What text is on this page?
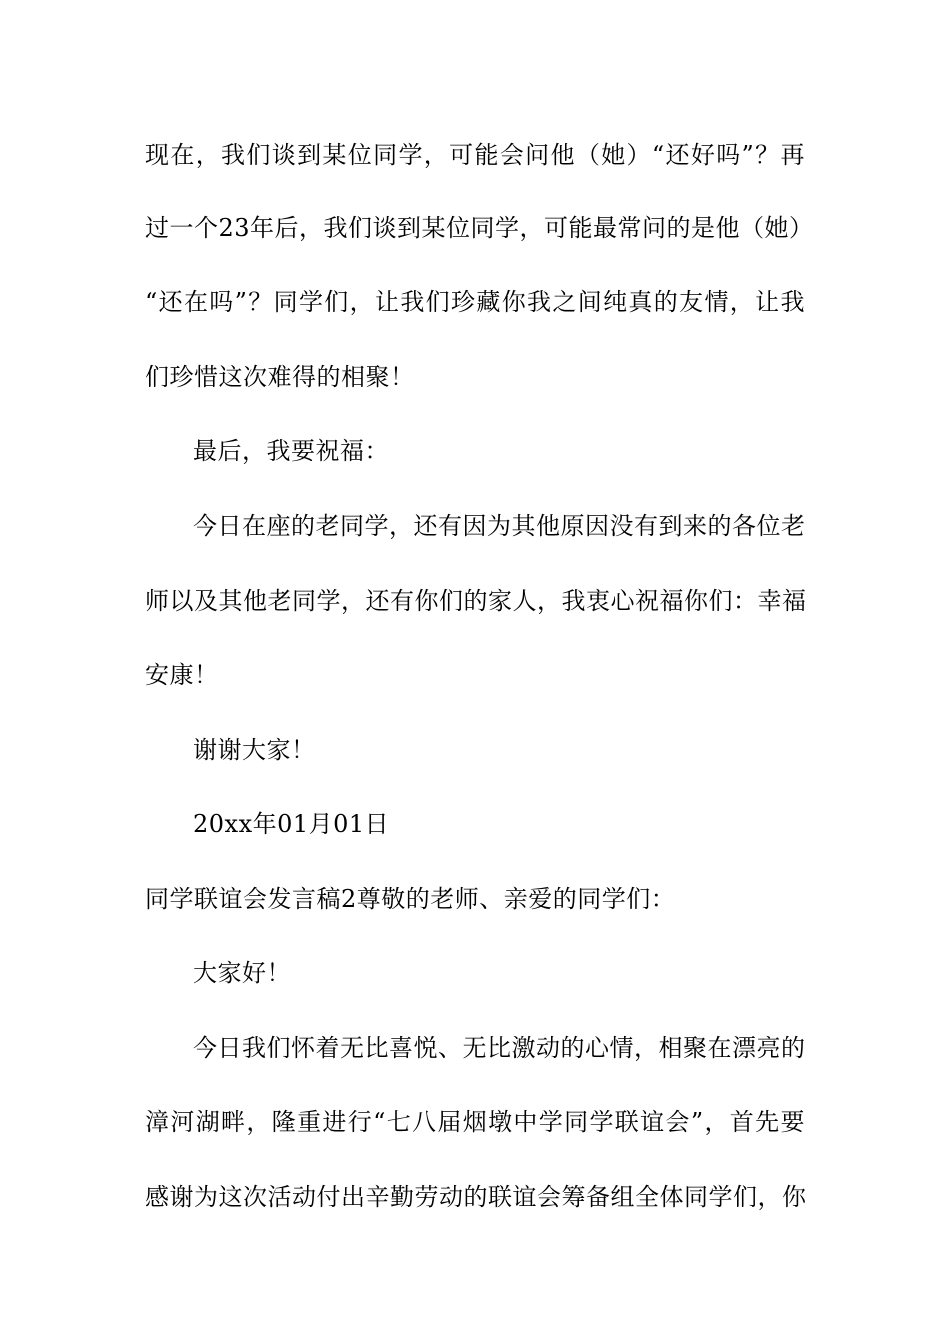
现在，我们谈到某位同学，可能会问他（她）“还好吗”？再
过一个23年后，我们谈到某位同学，可能最常问的是他（她）
“还在吗”？同学们，让我们珍藏你我之间纯真的友情，让我
们珍惜这次难得的相聚！
最后，我要祝福：
今日在座的老同学，还有因为其他原因没有到来的各位老
师以及其他老同学，还有你们的家人，我衷心祝福你们：幸福
安康！
谢谢大家！
20xx年01月01日
同学联谊会发言稿2尊敬的老师、亲爱的同学们：
大家好！
今日我们怀着无比喜悦、无比激动的心情，相聚在漂亮的
漳河湖畔，隆重进行“七八届烟墩中学同学联谊会”，首先要
感谢为这次活动付出辛勤劳动的联谊会筹备组全体同学们，你
